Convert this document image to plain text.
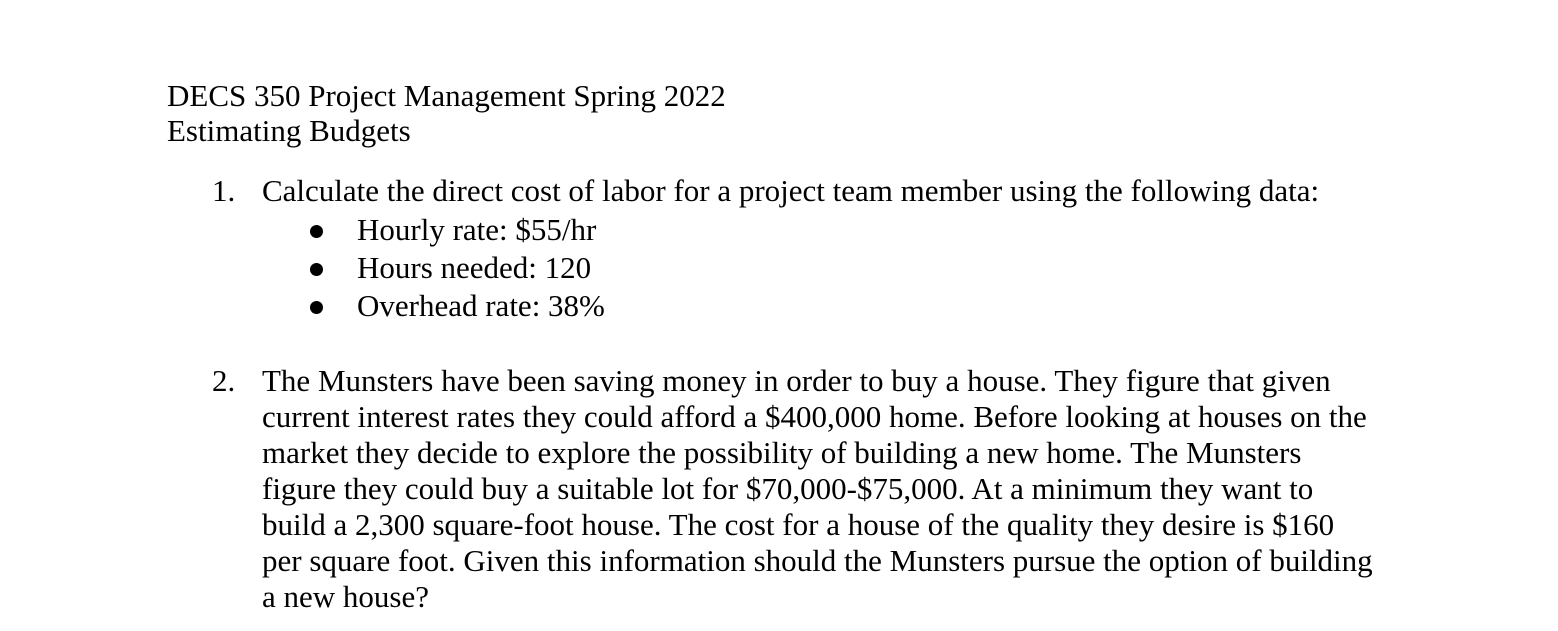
DECS 350 Project Management Spring 2022
Estimating Budgets
1. Calculate the direct cost of labor for a project team member using the following data:
Hourly rate: $55/hr
Hours needed: 120
Overhead rate: 38%
2. The Munsters have been saving money in order to buy a house. They figure that given
current interest rates they could afford a $400,000 home. Before looking at houses on the
market they decide to explore the possibility of building a new home. The Munsters
figure they could buy a suitable lot for $70,000-$75,000. At a minimum they want to
build a 2,300 square-foot house. The cost for a house of the quality they desire is $160
per square foot. Given this information should the Munsters pursue the option of building
a new house?
